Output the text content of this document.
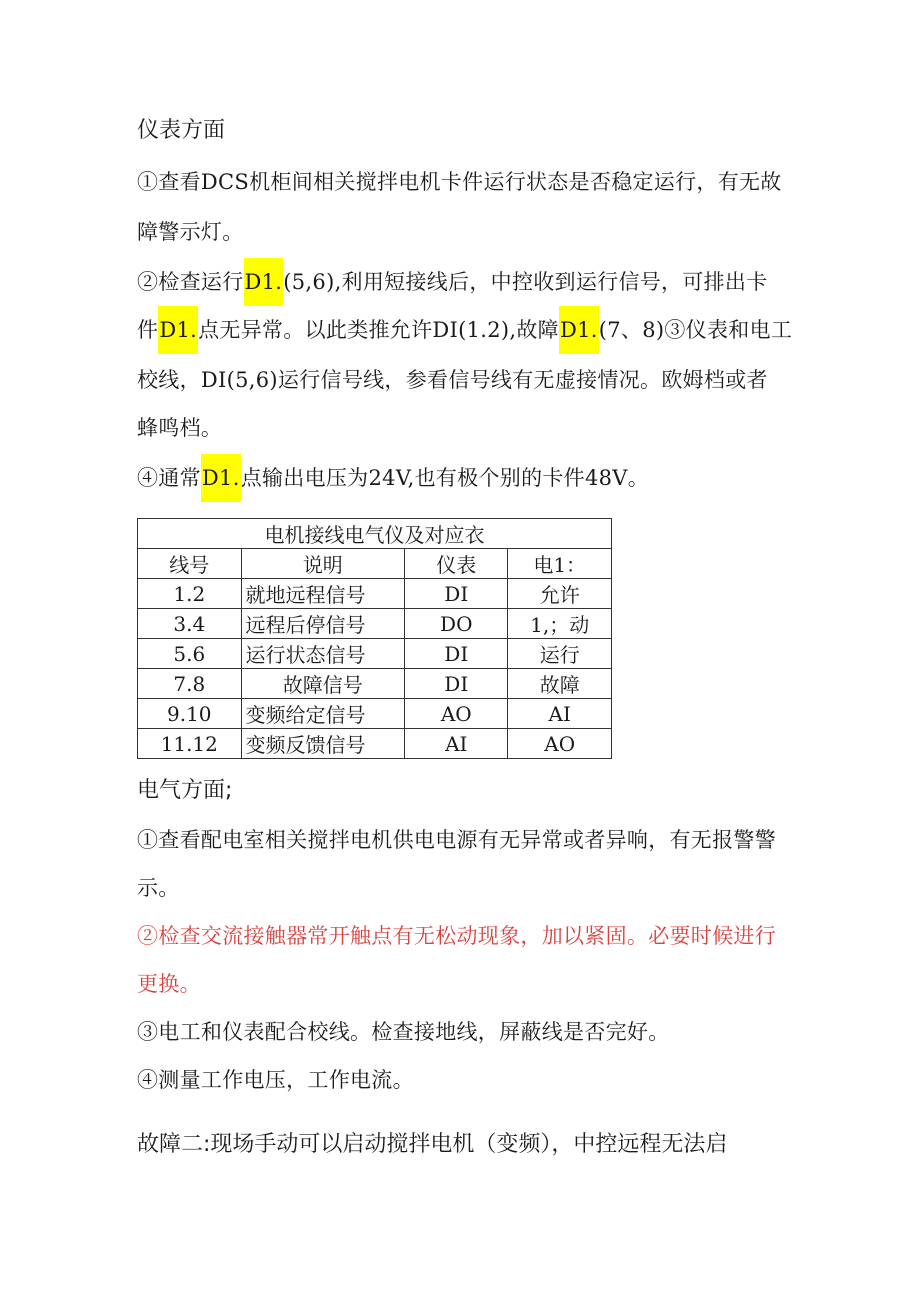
仪表方面
①查看DCS机柜间相关搅拌电机卡件运行状态是否稳定运行，有无故
障警示灯。
②检查运行D1.(5,6),利用短接线后，中控收到运行信号，可排出卡
件D1.点无异常。以此类推允许DI(1.2),故障D1.(7、8)③仪表和电工
校线，DI(5,6)运行信号线，参看信号线有无虚接情况。欧姆档或者
蜂鸣档。
④通常D1.点输出电压为24V,也有极个别的卡件48V。
电机接线电气仪及对应衣			
线号	说明	仪表	电1：
1.2	就地远程信号	DI	允许
3.4	远程后停信号	DO	1,；动
5.6	运行状态信号	DI	运行
7.8	故障信号	DI	故障
9.10	变频给定信号	AO	AI
11.12	变频反馈信号	AI	AO
电气方面;
①查看配电室相关搅拌电机供电电源有无异常或者异响，有无报警警
示。
②检查交流接触器常开触点有无松动现象，加以紧固。必要时候进行
更换。
③电工和仪表配合校线。检查接地线，屏蔽线是否完好。
④测量工作电压，工作电流。
故障二:现场手动可以启动搅拌电机（变频），中控远程无法启
